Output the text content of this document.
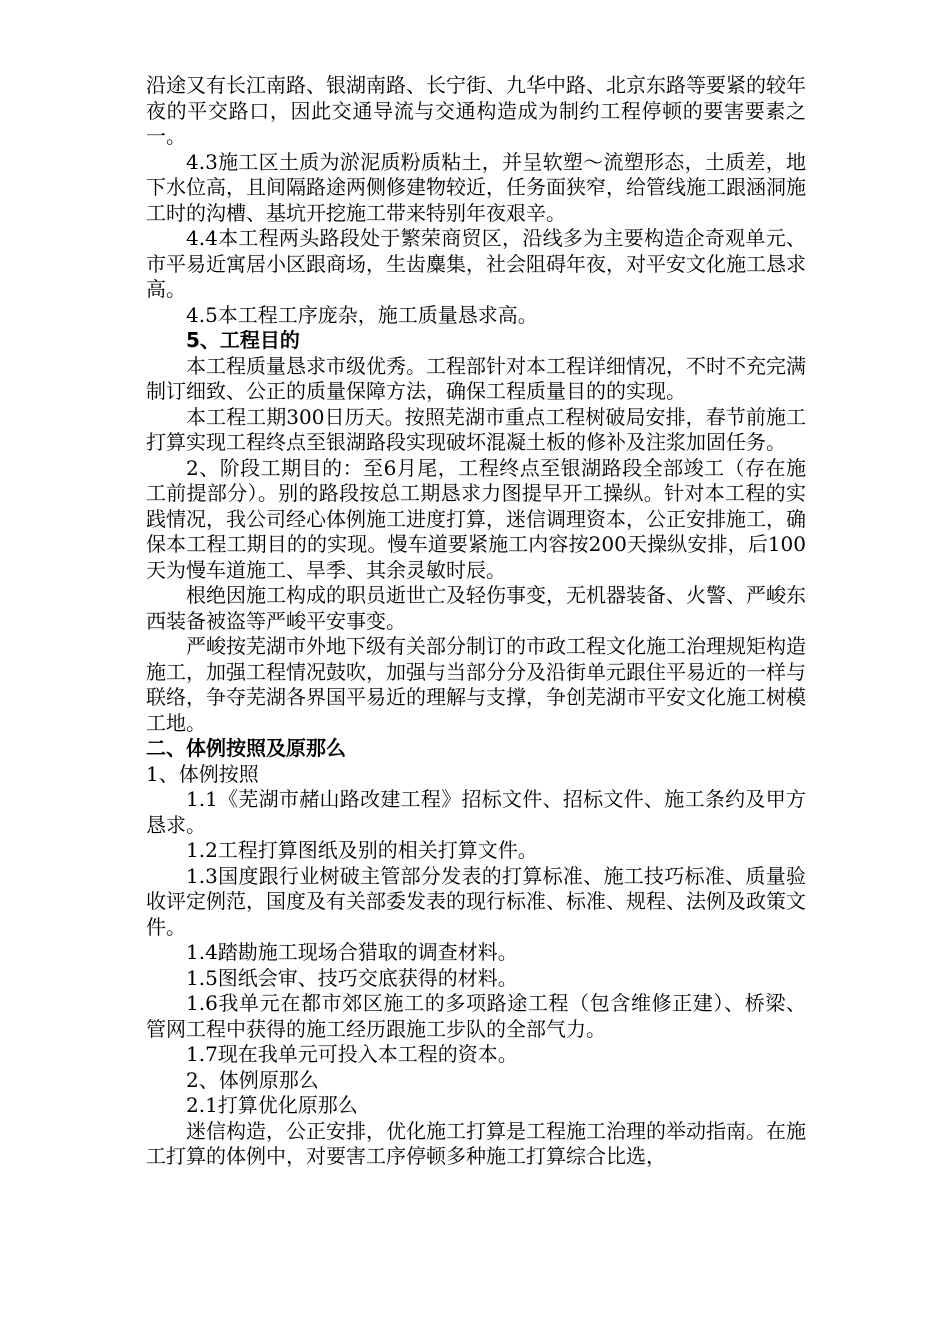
沿途又有长江南路、银湖南路、长宁街、九华中路、北京东路等要紧的较年夜的平交路口，因此交通导流与交通构造成为制约工程停顿的要害要素之一。

4.3施工区土质为淤泥质粉质粘土，并呈软塑～流塑形态，土质差，地下水位高，且间隔路途两侧修建物较近，任务面狭窄，给管线施工跟涵洞施工时的沟槽、基坑开挖施工带来特别年夜艰辛。

4.4本工程两头路段处于繁荣商贸区，沿线多为主要构造企奇观单元、市平易近寓居小区跟商场，生齿麋集，社会阻碍年夜，对平安文化施工恳求高。

4.5本工程工序庞杂，施工质量恳求高。

5、工程目的

本工程质量恳求市级优秀。工程部针对本工程详细情况，不时不充完满制订细致、公正的质量保障方法，确保工程质量目的的实现。

本工程工期300日历天。按照芜湖市重点工程树破局安排，春节前施工打算实现工程终点至银湖路段实现破坏混凝土板的修补及注浆加固任务。

2、阶段工期目的：至6月尾，工程终点至银湖路段全部竣工（存在施工前提部分）。别的路段按总工期恳求力图提早开工操纵。针对本工程的实践情况，我公司经心体例施工进度打算，迷信调理资本，公正安排施工，确保本工程工期目的的实现。慢车道要紧施工内容按200天操纵安排，后100天为慢车道施工、旱季、其余灵敏时辰。

根绝因施工构成的职员逝世亡及轻伤事变，无机器装备、火警、严峻东西装备被盗等严峻平安事变。

严峻按芜湖市外地下级有关部分制订的市政工程文化施工治理规矩构造施工，加强工程情况鼓吹，加强与当部分分及沿街单元跟住平易近的一样与联络，争夺芜湖各界国平易近的理解与支撑，争创芜湖市平安文化施工树模工地。

二、体例按照及原那么

1、体例按照

1.1《芜湖市赭山路改建工程》招标文件、招标文件、施工条约及甲方恳求。

1.2工程打算图纸及别的相关打算文件。

1.3国度跟行业树破主管部分发表的打算标准、施工技巧标准、质量验收评定例范，国度及有关部委发表的现行标准、标准、规程、法例及政策文件。

1.4踏勘施工现场合猎取的调查材料。

1.5图纸会审、技巧交底获得的材料。

1.6我单元在都市郊区施工的多项路途工程（包含维修正建）、桥梁、管网工程中获得的施工经历跟施工步队的全部气力。

1.7现在我单元可投入本工程的资本。

2、体例原那么

2.1打算优化原那么

迷信构造，公正安排，优化施工打算是工程施工治理的举动指南。在施工打算的体例中，对要害工序停顿多种施工打算综合比选，
